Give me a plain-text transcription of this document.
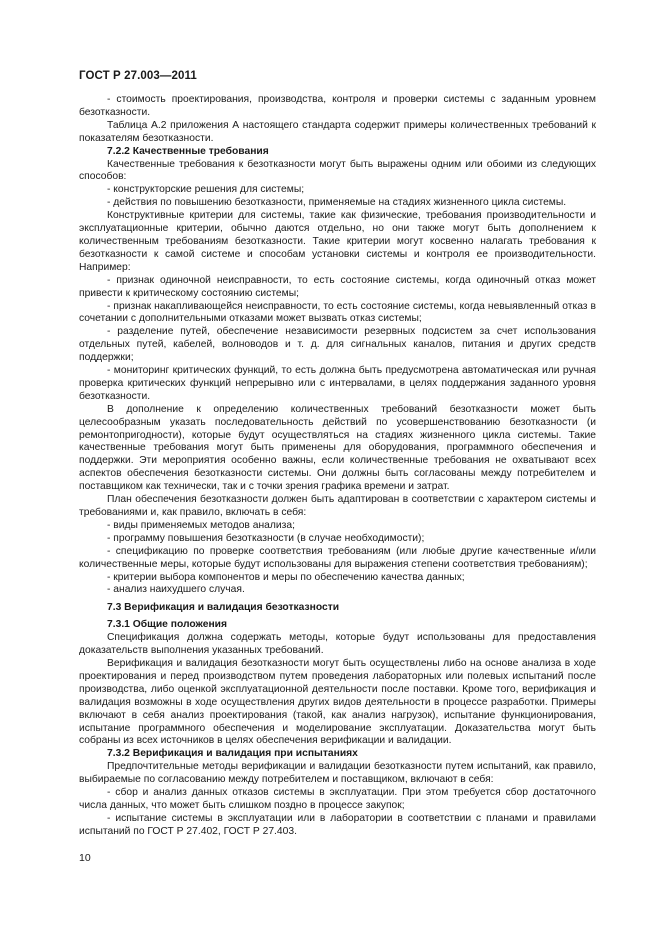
ГОСТ Р 27.003—2011

- стоимость проектирования, производства, контроля и проверки системы с заданным уровнем безотказности.

Таблица А.2 приложения А настоящего стандарта содержит примеры количественных требований к показателям безотказности.

7.2.2 Качественные требования

Качественные требования к безотказности могут быть выражены одним или обоими из следующих способов:

- конструкторские решения для системы;

- действия по повышению безотказности, применяемые на стадиях жизненного цикла системы.

Конструктивные критерии для системы, такие как физические, требования производительности и эксплуатационные критерии, обычно даются отдельно, но они также могут быть дополнением к количественным требованиям безотказности. Такие критерии могут косвенно налагать требования к безотказности к самой системе и способам установки системы и контроля ее производительности. Например:

- признак одиночной неисправности, то есть состояние системы, когда одиночный отказ может привести к критическому состоянию системы;

- признак накапливающейся неисправности, то есть состояние системы, когда невыявленный отказ в сочетании с дополнительными отказами может вызвать отказ системы;

- разделение путей, обеспечение независимости резервных подсистем за счет использования отдельных путей, кабелей, волноводов и т. д. для сигнальных каналов, питания и других средств поддержки;

- мониторинг критических функций, то есть должна быть предусмотрена автоматическая или ручная проверка критических функций непрерывно или с интервалами, в целях поддержания заданного уровня безотказности.

В дополнение к определению количественных требований безотказности может быть целесообразным указать последовательность действий по усовершенствованию безотказности (и ремонтопригодности), которые будут осуществляться на стадиях жизненного цикла системы. Такие качественные требования могут быть применены для оборудования, программного обеспечения и поддержки. Эти мероприятия особенно важны, если количественные требования не охватывают всех аспектов обеспечения безотказности системы. Они должны быть согласованы между потребителем и поставщиком как технически, так и с точки зрения графика времени и затрат.

План обеспечения безотказности должен быть адаптирован в соответствии с характером системы и требованиями и, как правило, включать в себя:

- виды применяемых методов анализа;

- программу повышения безотказности (в случае необходимости);

- спецификацию по проверке соответствия требованиям (или любые другие качественные и/или количественные меры, которые будут использованы для выражения степени соответствия требованиям);

- критерии выбора компонентов и меры по обеспечению качества данных;

- анализ наихудшего случая.

7.3 Верификация и валидация безотказности

7.3.1 Общие положения

Спецификация должна содержать методы, которые будут использованы для предоставления доказательств выполнения указанных требований.

Верификация и валидация безотказности могут быть осуществлены либо на основе анализа в ходе проектирования и перед производством путем проведения лабораторных или полевых испытаний после производства, либо оценкой эксплуатационной деятельности после поставки. Кроме того, верификация и валидация возможны в ходе осуществления других видов деятельности в процессе разработки. Примеры включают в себя анализ проектирования (такой, как анализ нагрузок), испытание функционирования, испытание программного обеспечения и моделирование эксплуатации. Доказательства могут быть собраны из всех источников в целях обеспечения верификации и валидации.

7.3.2 Верификация и валидация при испытаниях

Предпочтительные методы верификации и валидации безотказности путем испытаний, как правило, выбираемые по согласованию между потребителем и поставщиком, включают в себя:

- сбор и анализ данных отказов системы в эксплуатации. При этом требуется сбор достаточного числа данных, что может быть слишком поздно в процессе закупок;

- испытание системы в эксплуатации или в лаборатории в соответствии с планами и правилами испытаний по ГОСТ Р 27.402, ГОСТ Р 27.403.

10
